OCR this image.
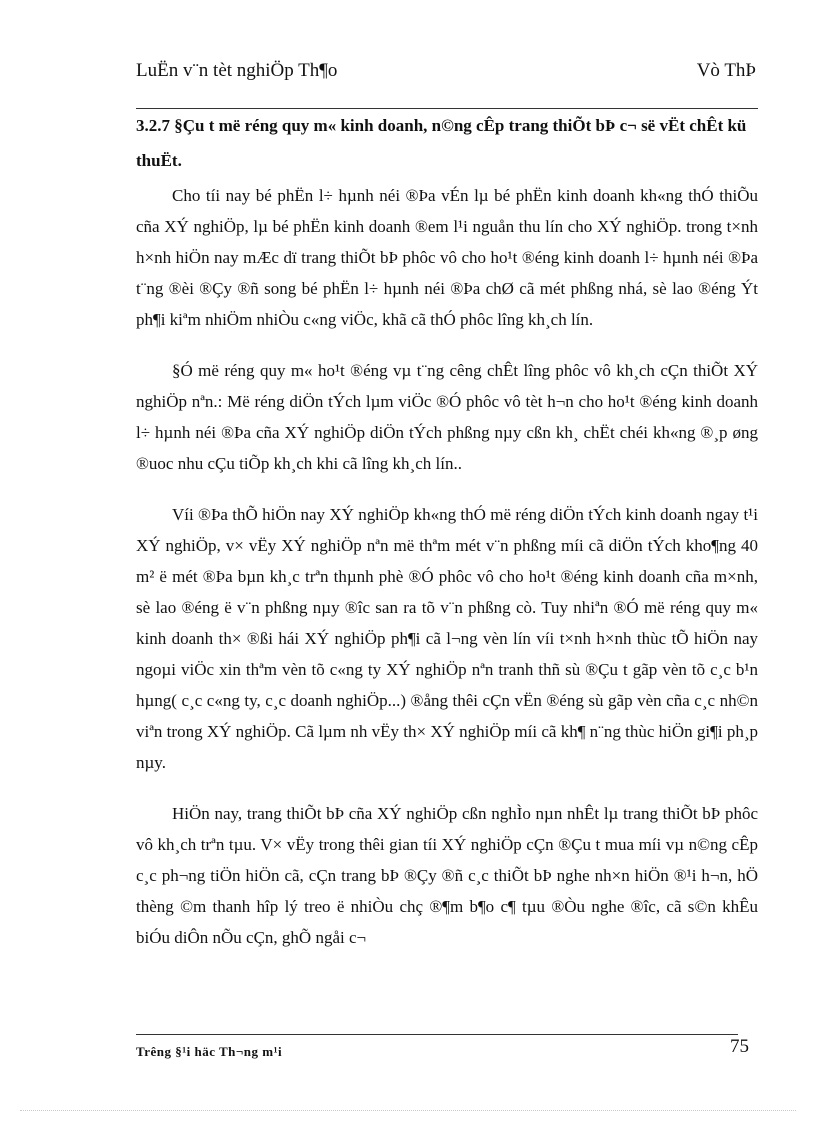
LuËn v¨n tèt nghiÖp Th¶o	Vò ThÞ
3.2.7 §Çu t më réng quy m« kinh doanh, n©ng cÊp trang thiÕt bÞ c¬ së vËt chÊt kü thuËt.

Cho tíi nay bé phËn l÷ hµnh néi ®Þa vÉn lµ bé phËn kinh doanh kh«ng thÓ thiÕu cña XÝ nghiÖp, lµ bé phËn kinh doanh ®em l¹i nguån thu lín cho XÝ nghiÖp. trong t×nh h×nh hiÖn nay mÆc dï trang thiÕt bÞ phôc vô cho ho¹t ®éng kinh doanh l÷ hµnh néi ®Þa t¨ng ®èi ®Çy ®ñ song bé phËn l÷ hµnh néi ®Þa chØ cã mét phßng nhá, sè lao ®éng Ýt ph¶i kiªm nhiÖm nhiÒu c«ng viÖc, khã cã thÓ phôc lîng kh¸ch lín.

§Ó më réng quy m« ho¹t ®éng vµ t¨ng cêng chÊt lîng phôc vô kh¸ch cÇn thiÕt XÝ nghiÖp nªn.: Më réng diÖn tÝch lµm viÖc ®Ó phôc vô tèt h¬n cho ho¹t ®éng kinh doanh l÷ hµnh néi ®Þa cña XÝ nghiÖp diÖn tÝch phßng nµy cßn kh¸ chËt chéi kh«ng ®¸p øng ®uoc nhu cÇu tiÕp kh¸ch khi cã lîng kh¸ch lín..

Víi ®Þa thÕ hiÖn nay XÝ nghiÖp kh«ng thÓ më réng diÖn tÝch kinh doanh ngay t¹i XÝ nghiÖp, v× vËy XÝ nghiÖp nªn më thªm mét v¨n phßng míi cã diÖn tÝch kho¶ng 40 m² ë mét ®Þa bµn kh¸c trªn thµnh phè ®Ó phôc vô cho ho¹t ®éng kinh doanh cña m×nh, sè lao ®éng ë v¨n phßng nµy ®îc san ra tõ v¨n phßng cò. Tuy nhiªn ®Ó më réng quy m« kinh doanh th× ®ßi hái XÝ nghiÖp ph¶i cã l¬ng vèn lín víi t×nh h×nh thùc tÕ hiÖn nay ngoµi viÖc xin thªm vèn tõ c«ng ty XÝ nghiÖp nªn tranh thñ sù ®Çu t gãp vèn tõ c¸c b¹n hµng( c¸c c«ng ty, c¸c doanh nghiÖp...) ®ång thêi cÇn vËn ®éng sù gãp vèn cña c¸c nh©n viªn trong XÝ nghiÖp. Cã lµm nh vËy th× XÝ nghiÖp míi cã kh¶ n¨ng thùc hiÖn gi¶i ph¸p nµy.

HiÖn nay, trang thiÕt bÞ cña XÝ nghiÖp cßn nghÌo nµn nhÊt lµ trang thiÕt bÞ phôc vô kh¸ch trªn tµu. V× vËy trong thêi gian tíi XÝ nghiÖp cÇn ®Çu t mua míi vµ n©ng cÊp c¸c ph¬ng tiÖn hiÖn cã, cÇn trang bÞ ®Çy ®ñ c¸c thiÕt bÞ nghe nh×n hiÖn ®¹i h¬n, hÖ thèng ©m thanh hîp lý treo ë nhiÒu chç ®¶m b¶o c¶ tµu ®Òu nghe ®îc, cã s©n khÊu biÓu diÔn nÕu cÇn, ghÕ ngåi c¬

Trêng §¹i häc Th¬ng m¹i	75
